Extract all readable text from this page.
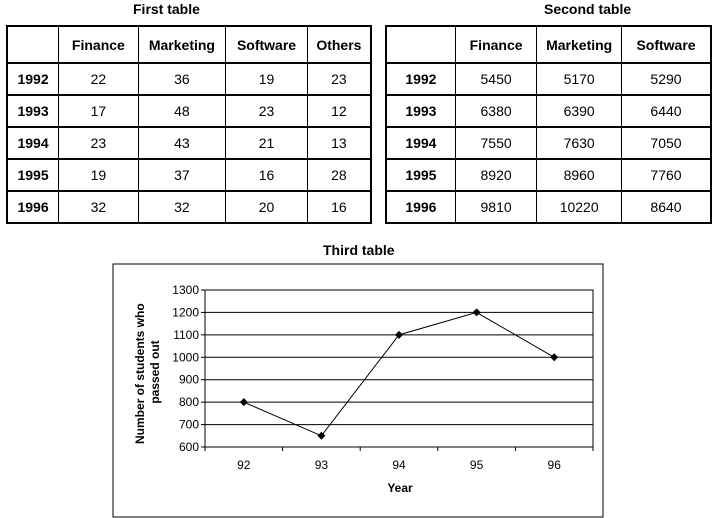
First table
	Finance	Marketing	Software	Others
1992	22	36	19	23
1993	17	48	23	12
1994	23	43	21	13
1995	19	37	16	28
1996	32	32	20	16
Second table
	Finance	Marketing	Software
1992	5450	5170	5290
1993	6380	6390	6440
1994	7550	7630	7050
1995	8920	8960	7760
1996	9810	10220	8640
Third table
600
700
800
900
1000
1100
1200
1300
92	93	94	95	96
Year
Number of students who passed out
